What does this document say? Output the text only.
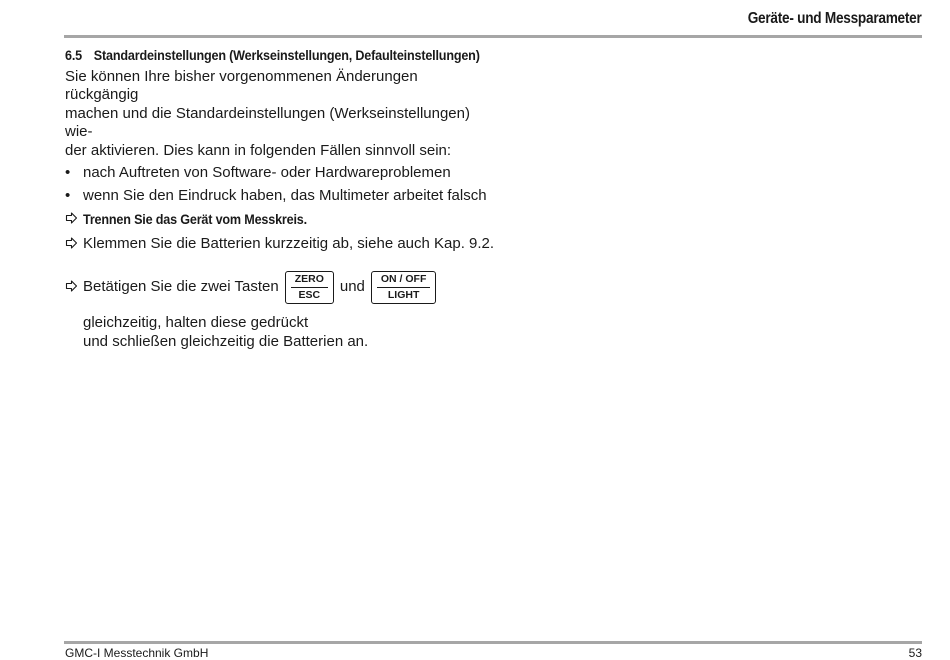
Geräte- und Messparameter
6.5 Standardeinstellungen (Werkseinstellungen, Defaulteinstellungen)

Sie können Ihre bisher vorgenommenen Änderungen rückgängig
machen und die Standardeinstellungen (Werkseinstellungen) wie-
der aktivieren. Dies kann in folgenden Fällen sinnvoll sein:

• nach Auftreten von Software- oder Hardwareproblemen
• wenn Sie den Eindruck haben, das Multimeter arbeitet falsch
Trennen Sie das Gerät vom Messkreis.
Klemmen Sie die Batterien kurzzeitig ab, siehe auch Kap. 9.2.
Betätigen Sie die zwei Tasten	ZERO
ESC	und	ON / OFF
LIGHT
gleichzeitig, halten diese gedrückt
und schließen gleichzeitig die Batterien an.
GMC-I Messtechnik GmbH	53
